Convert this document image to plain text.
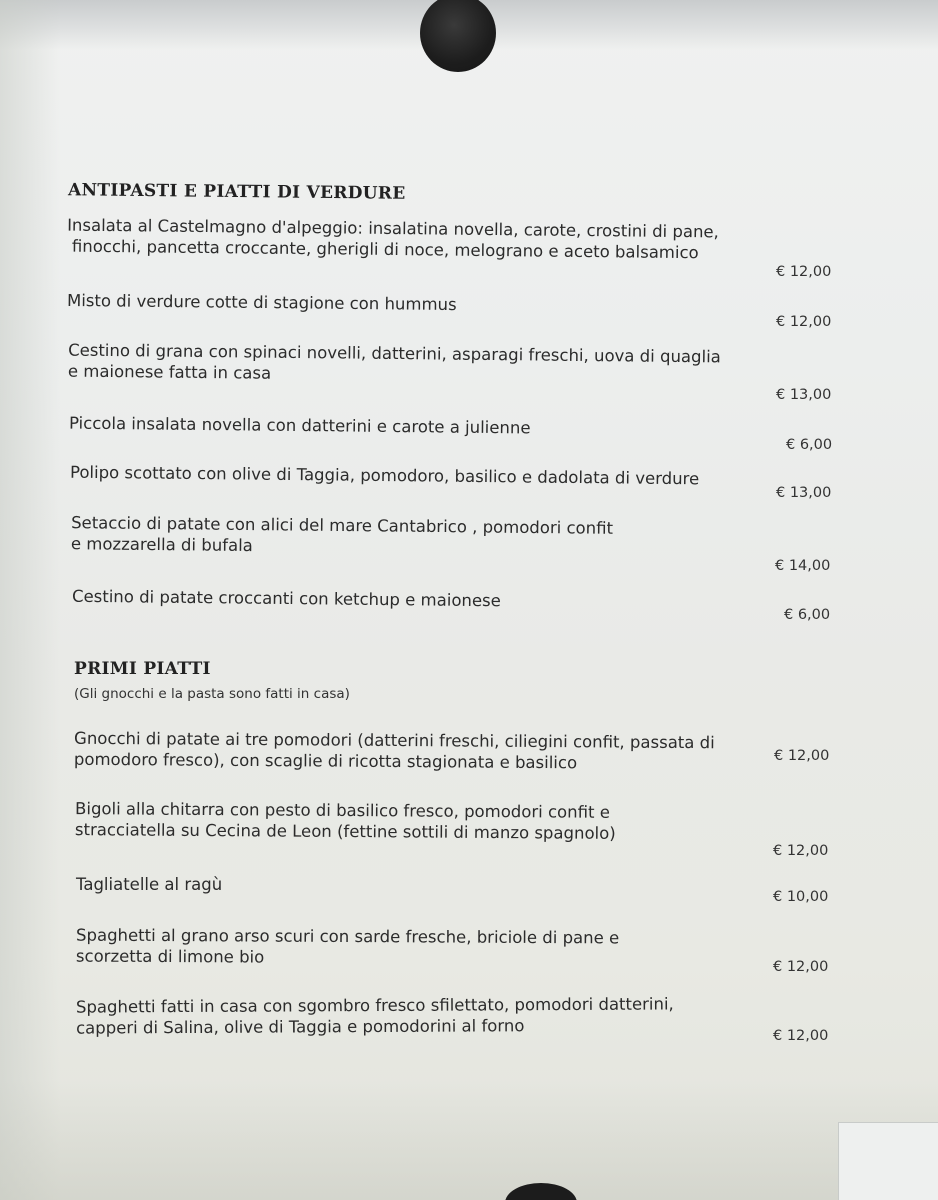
ANTIPASTI E PIATTI DI VERDURE
Insalata al Castelmagno d'alpeggio: insalatina novella, carote, crostini di pane,
finocchi, pancetta croccante, gherigli di noce, melograno e aceto balsamico
€ 12,00
Misto di verdure cotte di stagione con hummus
€ 12,00
Cestino di grana con spinaci novelli, datterini, asparagi freschi, uova di quaglia
e maionese fatta in casa
€ 13,00
Piccola insalata novella con datterini e carote a julienne
€ 6,00
Polipo scottato con olive di Taggia, pomodoro, basilico e dadolata di verdure
€ 13,00
Setaccio di patate con alici del mare Cantabrico , pomodori confit
e mozzarella di bufala
€ 14,00
Cestino di patate croccanti con ketchup e maionese
€ 6,00
PRIMI PIATTI
(Gli gnocchi e la pasta sono fatti in casa)
Gnocchi di patate ai tre pomodori (datterini freschi, ciliegini confit, passata di
pomodoro fresco), con scaglie di ricotta stagionata e basilico	€ 12,00
Bigoli alla chitarra con pesto di basilico fresco, pomodori confit e
stracciatella su Cecina de Leon (fettine sottili di manzo spagnolo)
€ 12,00
Tagliatelle al ragù
€ 10,00
Spaghetti al grano arso scuri con sarde fresche, briciole di pane e
scorzetta di limone bio
€ 12,00
Spaghetti fatti in casa con sgombro fresco sfilettato, pomodori datterini,
capperi di Salina, olive di Taggia e pomodorini al forno	€ 12,00
